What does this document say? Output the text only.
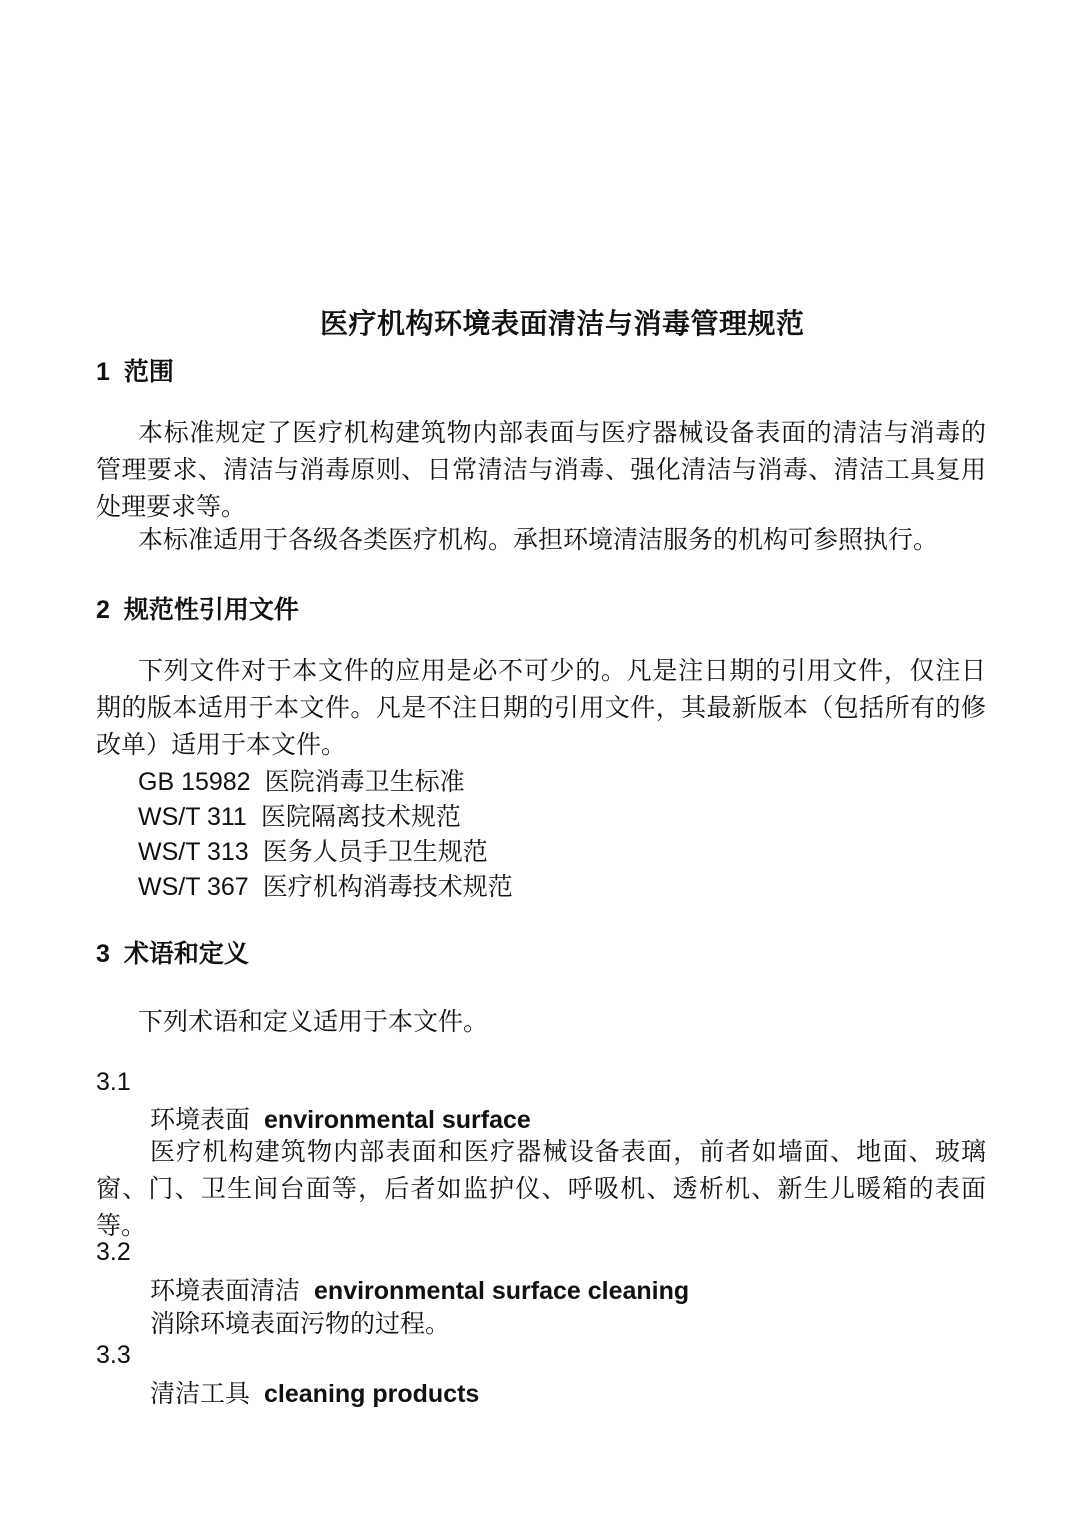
医疗机构环境表面清洁与消毒管理规范
1 范围
本标准规定了医疗机构建筑物内部表面与医疗器械设备表面的清洁与消毒的管理要求、清洁与消毒原则、日常清洁与消毒、强化清洁与消毒、清洁工具复用处理要求等。
本标准适用于各级各类医疗机构。承担环境清洁服务的机构可参照执行。
2 规范性引用文件
下列文件对于本文件的应用是必不可少的。凡是注日期的引用文件，仅注日期的版本适用于本文件。凡是不注日期的引用文件，其最新版本（包括所有的修改单）适用于本文件。
GB 15982 医院消毒卫生标准
WS/T 311 医院隔离技术规范
WS/T 313 医务人员手卫生规范
WS/T 367 医疗机构消毒技术规范
3 术语和定义
下列术语和定义适用于本文件。
3.1
环境表面 environmental surface
医疗机构建筑物内部表面和医疗器械设备表面，前者如墙面、地面、玻璃窗、门、卫生间台面等，后者如监护仪、呼吸机、透析机、新生儿暖箱的表面等。
3.2
环境表面清洁 environmental surface cleaning
消除环境表面污物的过程。
3.3
清洁工具 cleaning products
